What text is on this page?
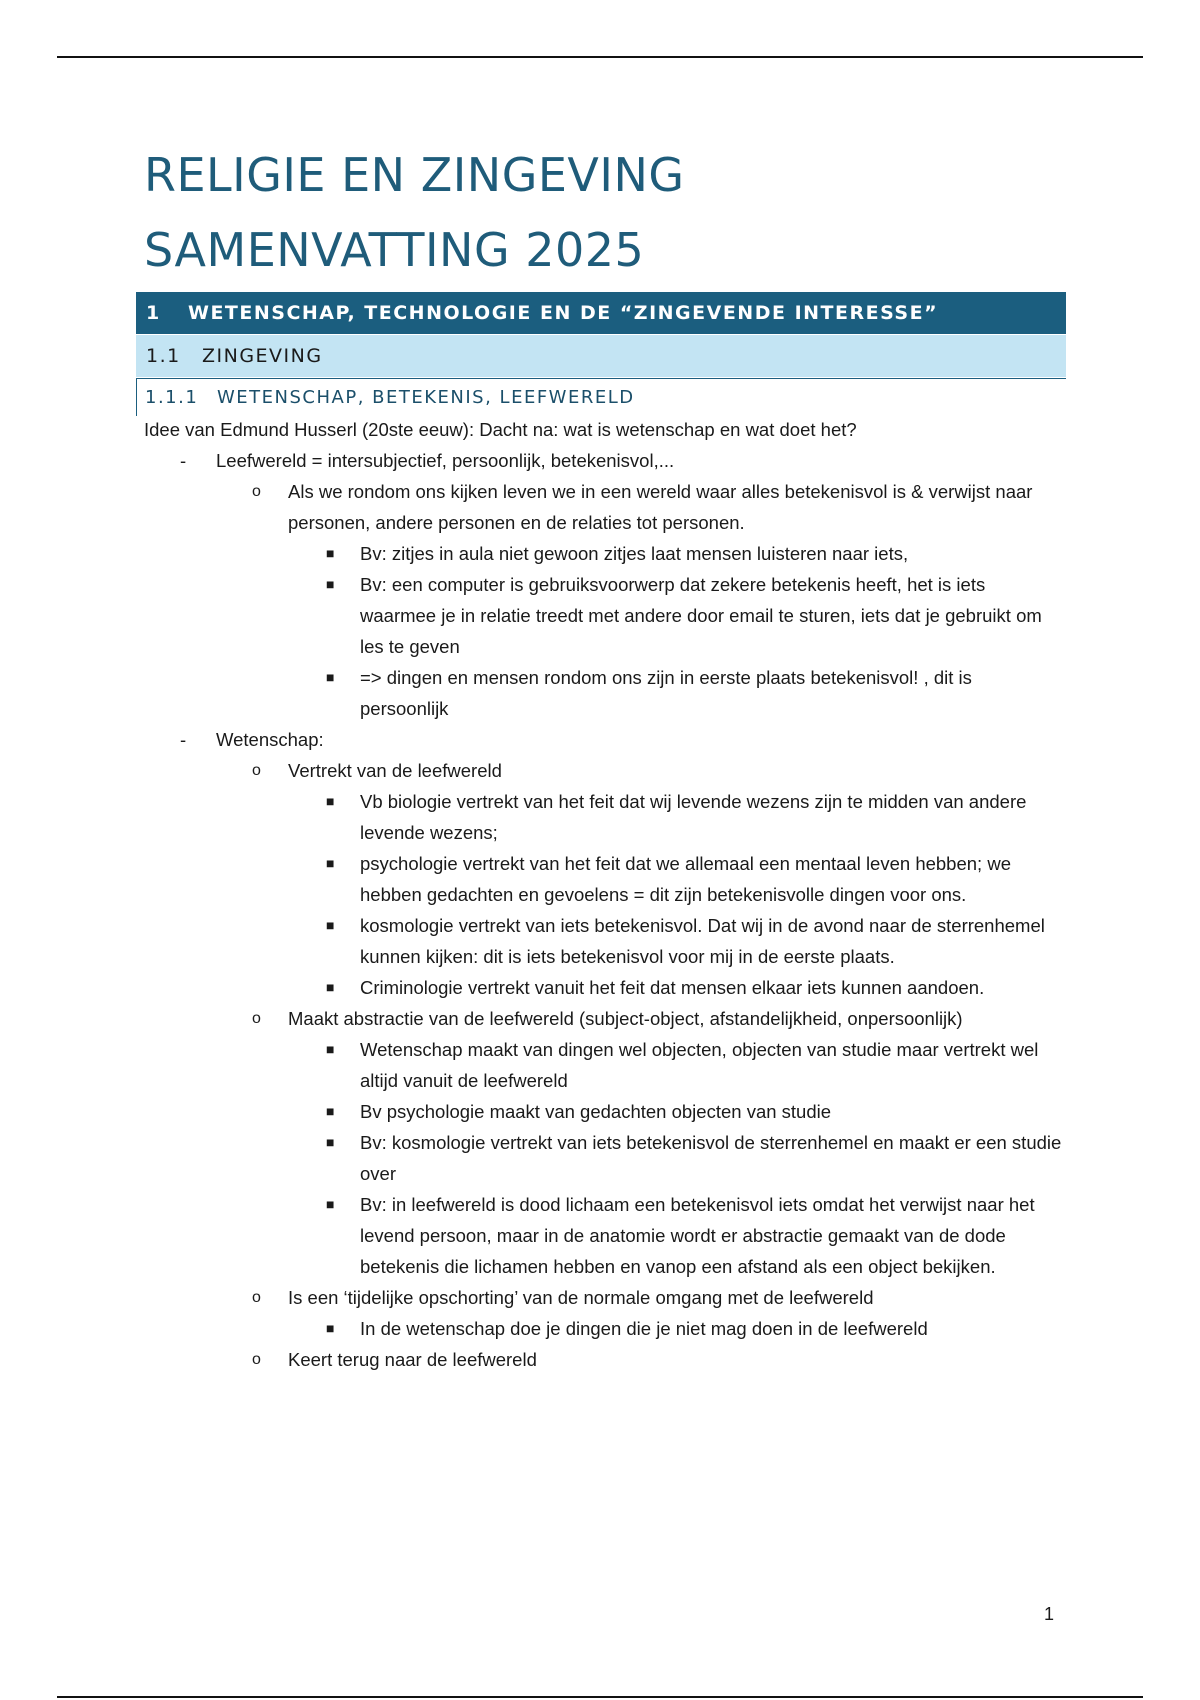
RELIGIE EN ZINGEVING
SAMENVATTING 2025
1	WETENSCHAP, TECHNOLOGIE EN DE “ZINGEVENDE INTERESSE”
1.1	ZINGEVING
1.1.1	WETENSCHAP, BETEKENIS, LEEFWERELD

Idee van Edmund Husserl (20ste eeuw): Dacht na: wat is wetenschap en wat doet het?

- Leefwereld = intersubjectief, persoonlijk, betekenisvol,...
o Als we rondom ons kijken leven we in een wereld waar alles betekenisvol is & verwijst naar personen, andere personen en de relaties tot personen.
■ Bv: zitjes in aula niet gewoon zitjes laat mensen luisteren naar iets,
■ Bv: een computer is gebruiksvoorwerp dat zekere betekenis heeft, het is iets waarmee je in relatie treedt met andere door email te sturen, iets dat je gebruikt om les te geven
■ => dingen en mensen rondom ons zijn in eerste plaats betekenisvol! , dit is persoonlijk
- Wetenschap:
o Vertrekt van de leefwereld
■ Vb biologie vertrekt van het feit dat wij levende wezens zijn te midden van andere levende wezens;
■ psychologie vertrekt van het feit dat we allemaal een mentaal leven hebben; we hebben gedachten en gevoelens = dit zijn betekenisvolle dingen voor ons.
■ kosmologie vertrekt van iets betekenisvol. Dat wij in de avond naar de sterrenhemel kunnen kijken: dit is iets betekenisvol voor mij in de eerste plaats.
■ Criminologie vertrekt vanuit het feit dat mensen elkaar iets kunnen aandoen.
o Maakt abstractie van de leefwereld (subject-object, afstandelijkheid, onpersoonlijk)
■ Wetenschap maakt van dingen wel objecten, objecten van studie maar vertrekt wel altijd vanuit de leefwereld
■ Bv psychologie maakt van gedachten objecten van studie
■ Bv: kosmologie vertrekt van iets betekenisvol de sterrenhemel en maakt er een studie over
■ Bv: in leefwereld is dood lichaam een betekenisvol iets omdat het verwijst naar het levend persoon, maar in de anatomie wordt er abstractie gemaakt van de dode betekenis die lichamen hebben en vanop een afstand als een object bekijken.
o Is een ‘tijdelijke opschorting’ van de normale omgang met de leefwereld
■ In de wetenschap doe je dingen die je niet mag doen in de leefwereld
o Keert terug naar de leefwereld
1
